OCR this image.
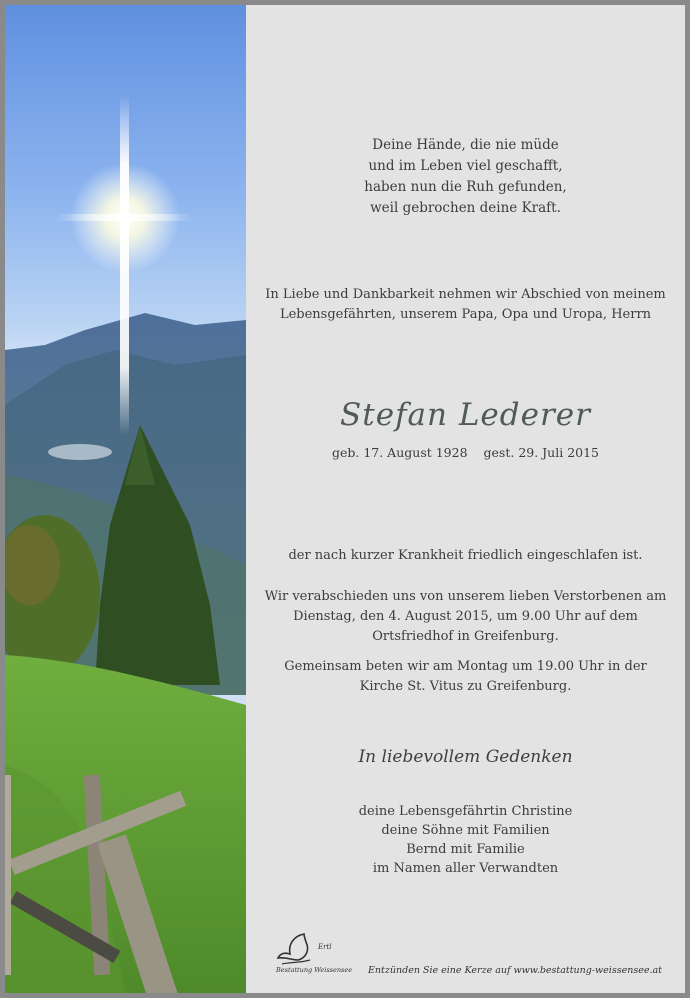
Deine Hände, die nie müde
und im Leben viel geschafft,
haben nun die Ruh gefunden,
weil gebrochen deine Kraft.
In Liebe und Dankbarkeit nehmen wir Abschied von meinem
Lebensgefährten, unserem Papa, Opa und Uropa, Herrn
Stefan Lederer
geb. 17. August 1928 gest. 29. Juli 2015
der nach kurzer Krankheit friedlich eingeschlafen ist.
Wir verabschieden uns von unserem lieben Verstorbenen am
Dienstag, den 4. August 2015, um 9.00 Uhr auf dem
Ortsfriedhof in Greifenburg.
Gemeinsam beten wir am Montag um 19.00 Uhr in der
Kirche St. Vitus zu Greifenburg.
In liebevollem Gedenken
deine Lebensgefährtin Christine
deine Söhne mit Familien
Bernd mit Familie
im Namen aller Verwandten
Ertl
Bestattung Weissensee Entzünden Sie eine Kerze auf www.bestattung-weissensee.at
